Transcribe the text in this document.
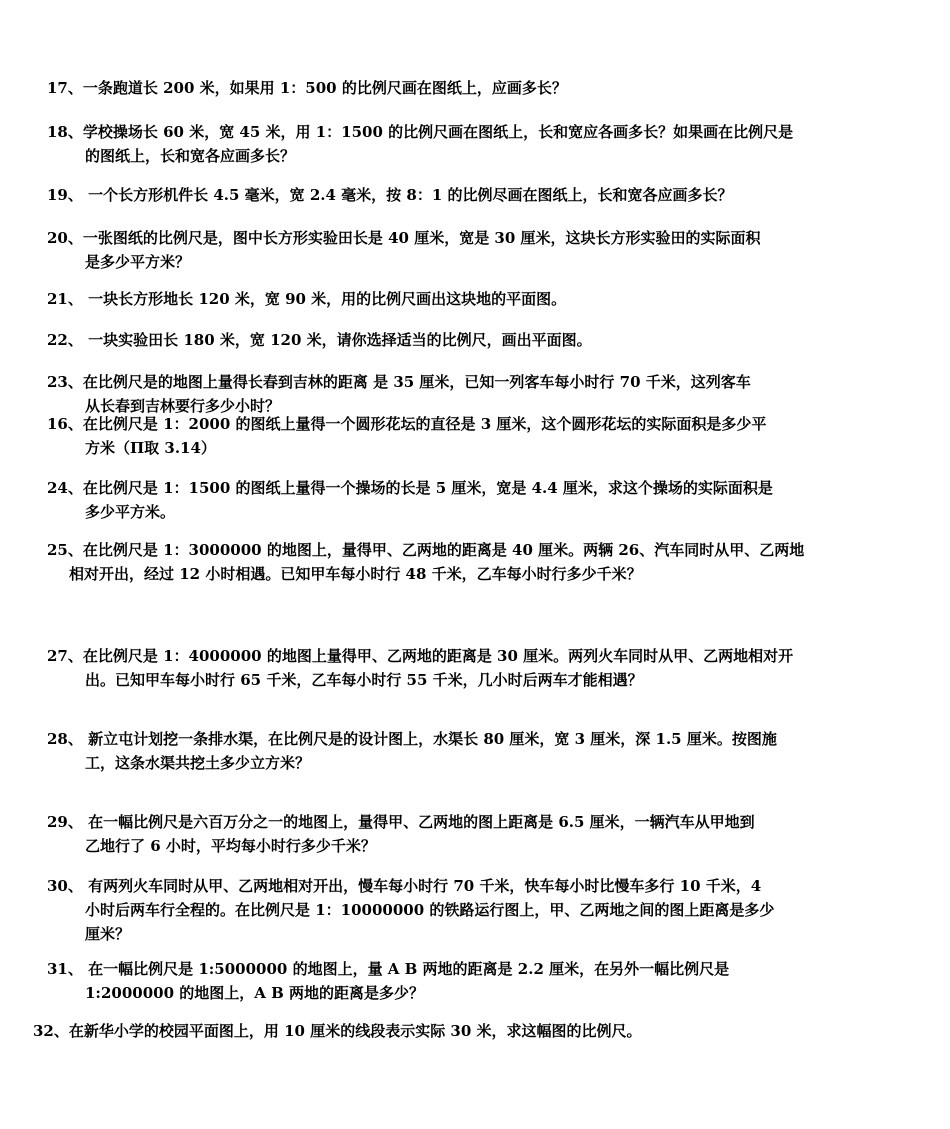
17、一条跑道长 200 米，如果用 1：500 的比例尺画在图纸上，应画多长？
18、学校操场长 60 米，宽 45 米，用 1：1500 的比例尺画在图纸上，长和宽应各画多长？如果画在比例尺是
的图纸上，长和宽各应画多长？
19、 一个长方形机件长 4.5 毫米，宽 2.4 毫米，按 8：1 的比例尽画在图纸上，长和宽各应画多长？
20、一张图纸的比例尺是，图中长方形实验田长是 40 厘米，宽是 30 厘米，这块长方形实验田的实际面积
是多少平方米？
21、 一块长方形地长 120 米，宽 90 米，用的比例尺画出这块地的平面图。
22、 一块实验田长 180 米，宽 120 米，请你选择适当的比例尺，画出平面图。
23、在比例尺是的地图上量得长春到吉林的距离 是 35 厘米，已知一列客车每小时行 70 千米，这列客车
从长春到吉林要行多少小时？
16、在比例尺是 1：2000 的图纸上量得一个圆形花坛的直径是 3 厘米，这个圆形花坛的实际面积是多少平
方米（П取 3.14）
24、在比例尺是 1：1500 的图纸上量得一个操场的长是 5 厘米，宽是 4.4 厘米，求这个操场的实际面积是
多少平方米。
25、在比例尺是 1：3000000 的地图上，量得甲、乙两地的距离是 40 厘米。两辆 26、汽车同时从甲、乙两地
相对开出，经过 12 小时相遇。已知甲车每小时行 48 千米，乙车每小时行多少千米？
27、在比例尺是 1：4000000 的地图上量得甲、乙两地的距离是 30 厘米。两列火车同时从甲、乙两地相对开
出。已知甲车每小时行 65 千米，乙车每小时行 55 千米，几小时后两车才能相遇？
28、 新立屯计划挖一条排水渠，在比例尺是的设计图上，水渠长 80 厘米，宽 3 厘米，深 1.5 厘米。按图施
工，这条水渠共挖土多少立方米？
29、 在一幅比例尺是六百万分之一的地图上，量得甲、乙两地的图上距离是 6.5 厘米，一辆汽车从甲地到
乙地行了 6 小时，平均每小时行多少千米？
30、 有两列火车同时从甲、乙两地相对开出，慢车每小时行 70 千米，快车每小时比慢车多行 10 千米，4
小时后两车行全程的。在比例尺是 1：10000000 的铁路运行图上，甲、乙两地之间的图上距离是多少
厘米？
31、 在一幅比例尺是 1:5000000 的地图上，量 A B 两地的距离是 2.2 厘米，在另外一幅比例尺是
1:2000000 的地图上，A B 两地的距离是多少？
32、在新华小学的校园平面图上，用 10 厘米的线段表示实际 30 米，求这幅图的比例尺。
